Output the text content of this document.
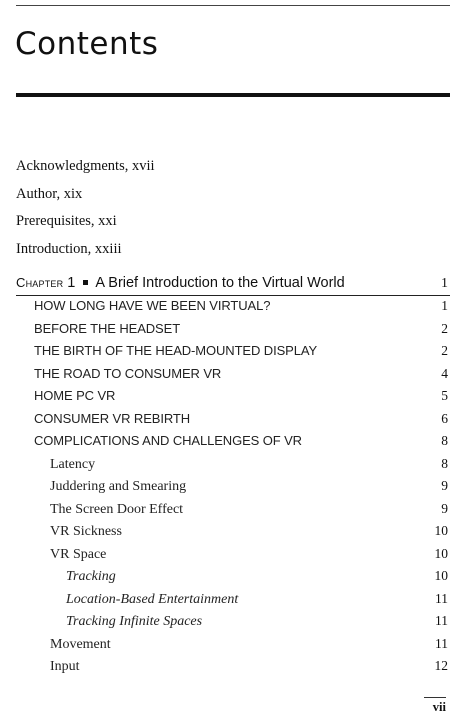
Contents
Acknowledgments, xvii
Author, xix
Prerequisites, xxi
Introduction, xxiii
Chapter 1 A Brief Introduction to the Virtual World	1
HOW LONG HAVE WE BEEN VIRTUAL?	1
BEFORE THE HEADSET	2
THE BIRTH OF THE HEAD-MOUNTED DISPLAY	2
THE ROAD TO CONSUMER VR	4
HOME PC VR	5
CONSUMER VR REBIRTH	6
COMPLICATIONS AND CHALLENGES OF VR	8
Latency	8
Juddering and Smearing	9
The Screen Door Effect	9
VR Sickness	10
VR Space	10
Tracking	10
Location-Based Entertainment	11
Tracking Infinite Spaces	11
Movement	11
Input	12
vii
